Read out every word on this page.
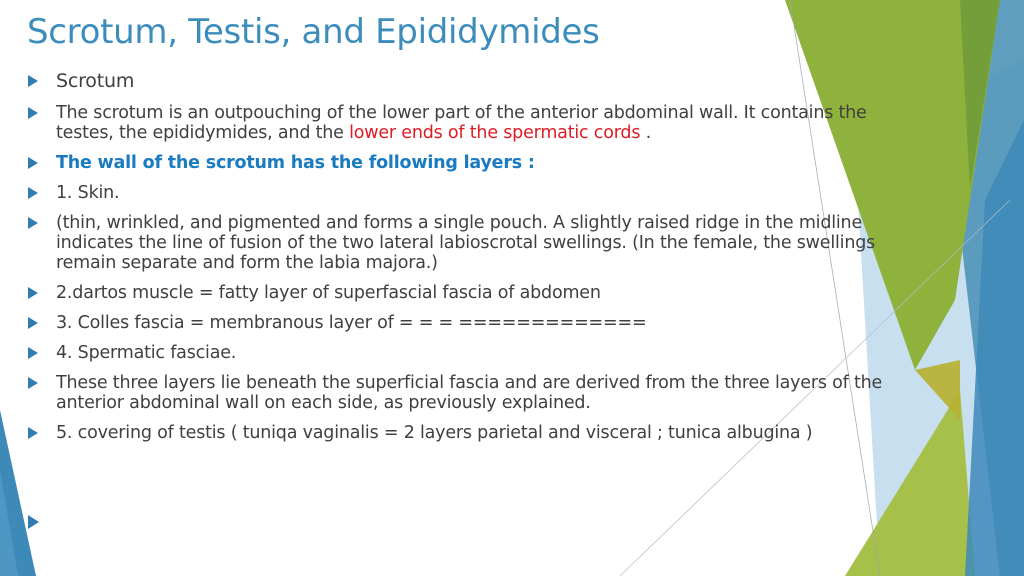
Scrotum, Testis, and Epididymides
Scrotum
The scrotum is an outpouching of the lower part of the anterior abdominal wall. It contains the
testes, the epididymides, and the lower ends of the spermatic cords .
The wall of the scrotum has the following layers :
1. Skin.
(thin, wrinkled, and pigmented and forms a single pouch. A slightly raised ridge in the midline
indicates the line of fusion of the two lateral labioscrotal swellings. (In the female, the swellings
remain separate and form the labia majora.)
2.dartos muscle = fatty layer of superfascial fascia of abdomen
3. Colles fascia = membranous layer of = = = =============
4. Spermatic fasciae.
These three layers lie beneath the superficial fascia and are derived from the three layers of the
anterior abdominal wall on each side, as previously explained.
5. covering of testis ( tuniqa vaginalis = 2 layers parietal and visceral ; tunica albugina )
